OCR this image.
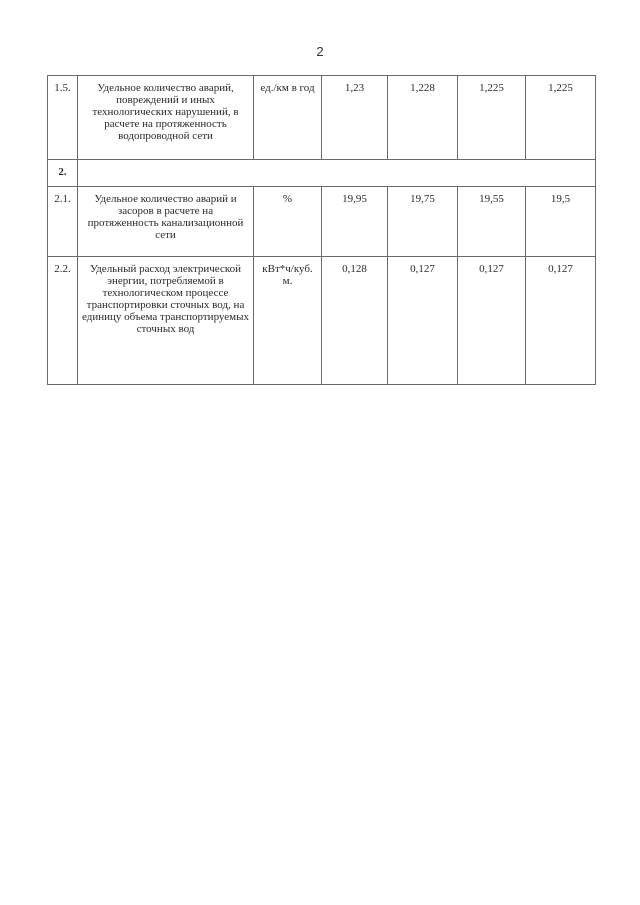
2
1.5.	Удельное количество аварий, повреждений и иных технологических нарушений, в расчете на протяженность водопроводной сети	ед./км в год	1,23	1,228	1,225	1,225
2.						
2.1.	Удельное количество аварий и засоров в расчете на протяженность канализационной сети	%	19,95	19,75	19,55	19,5
2.2.	Удельный расход электрической энергии, потребляемой в технологическом процессе транспортировки сточных вод, на единицу объема транспортируемых сточных вод	кВт*ч/куб. м.	0,128	0,127	0,127	0,127
